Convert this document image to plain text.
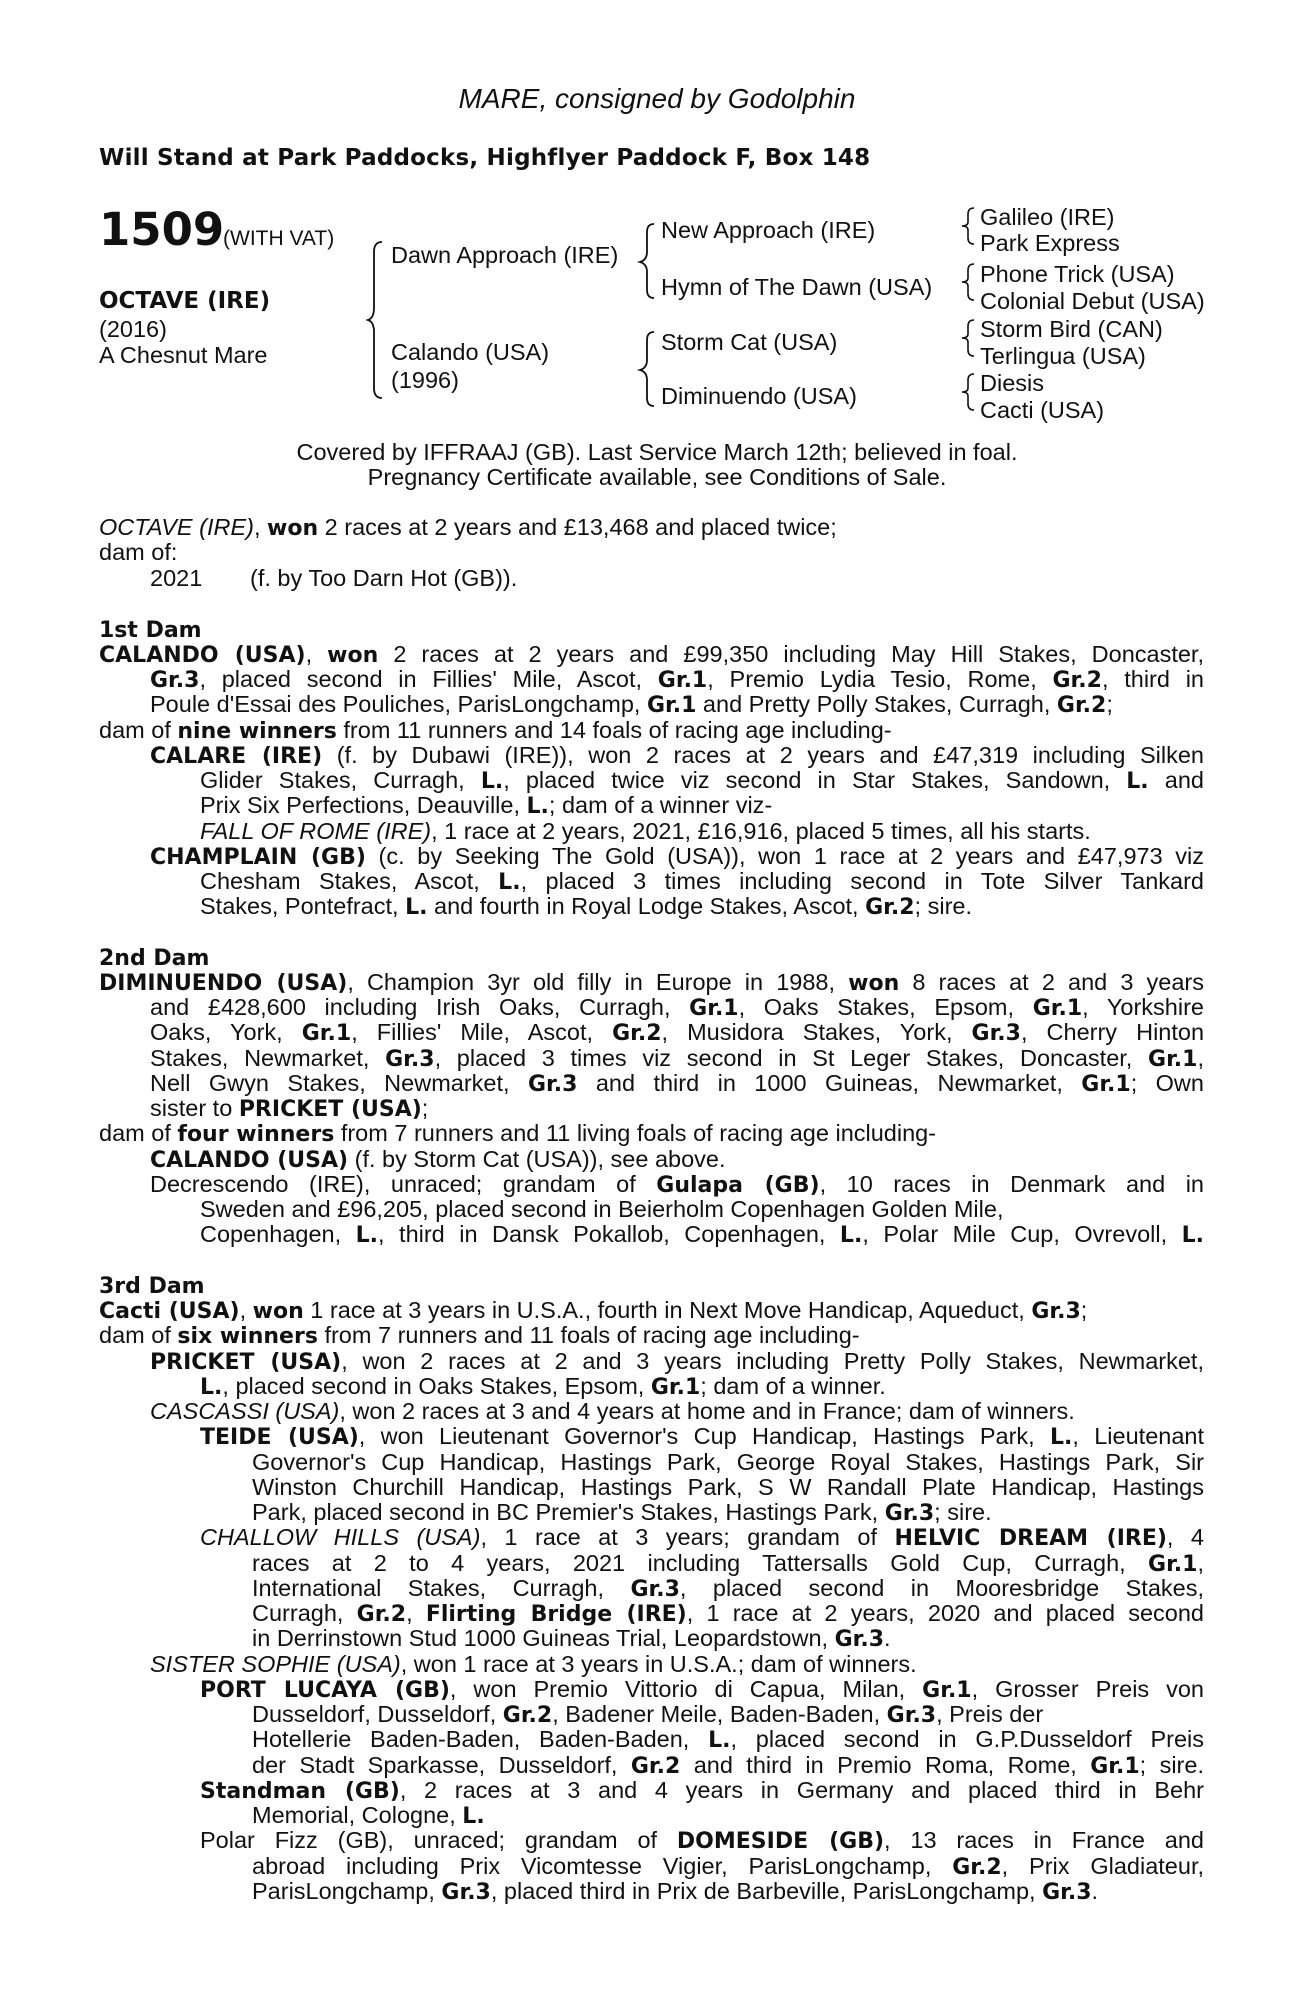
MARE, consigned by Godolphin
Will Stand at Park Paddocks, Highflyer Paddock F, Box 148
1509
(WITH VAT)
OCTAVE (IRE)
(2016)
A Chesnut Mare
Dawn Approach (IRE)
Calando (USA)
(1996)
New Approach (IRE)
Hymn of The Dawn (USA)
Storm Cat (USA)
Diminuendo (USA)
Galileo (IRE)
Park Express
Phone Trick (USA)
Colonial Debut (USA)
Storm Bird (CAN)
Terlingua (USA)
Diesis
Cacti (USA)
Covered by IFFRAAJ (GB). Last Service March 12th; believed in foal.
Pregnancy Certificate available, see Conditions of Sale.
OCTAVE (IRE), won 2 races at 2 years and £13,468 and placed twice;
dam of:
2021 (f. by Too Darn Hot (GB)).
1st Dam
CALANDO (USA), won 2 races at 2 years and £99,350 including May Hill Stakes, Doncaster,
Gr.3, placed second in Fillies' Mile, Ascot, Gr.1, Premio Lydia Tesio, Rome, Gr.2, third in
Poule d'Essai des Pouliches, ParisLongchamp, Gr.1 and Pretty Polly Stakes, Curragh, Gr.2;
dam of nine winners from 11 runners and 14 foals of racing age including-
CALARE (IRE) (f. by Dubawi (IRE)), won 2 races at 2 years and £47,319 including Silken
Glider Stakes, Curragh, L., placed twice viz second in Star Stakes, Sandown, L. and
Prix Six Perfections, Deauville, L.; dam of a winner viz-
FALL OF ROME (IRE), 1 race at 2 years, 2021, £16,916, placed 5 times, all his starts.
CHAMPLAIN (GB) (c. by Seeking The Gold (USA)), won 1 race at 2 years and £47,973 viz
Chesham Stakes, Ascot, L., placed 3 times including second in Tote Silver Tankard
Stakes, Pontefract, L. and fourth in Royal Lodge Stakes, Ascot, Gr.2; sire.
2nd Dam
DIMINUENDO (USA), Champion 3yr old filly in Europe in 1988, won 8 races at 2 and 3 years
and £428,600 including Irish Oaks, Curragh, Gr.1, Oaks Stakes, Epsom, Gr.1, Yorkshire
Oaks, York, Gr.1, Fillies' Mile, Ascot, Gr.2, Musidora Stakes, York, Gr.3, Cherry Hinton
Stakes, Newmarket, Gr.3, placed 3 times viz second in St Leger Stakes, Doncaster, Gr.1,
Nell Gwyn Stakes, Newmarket, Gr.3 and third in 1000 Guineas, Newmarket, Gr.1; Own
sister to PRICKET (USA);
dam of four winners from 7 runners and 11 living foals of racing age including-
CALANDO (USA) (f. by Storm Cat (USA)), see above.
Decrescendo (IRE), unraced; grandam of Gulapa (GB), 10 races in Denmark and in
Sweden and £96,205, placed second in Beierholm Copenhagen Golden Mile,
Copenhagen, L., third in Dansk Pokallob, Copenhagen, L., Polar Mile Cup, Ovrevoll, L.
3rd Dam
Cacti (USA), won 1 race at 3 years in U.S.A., fourth in Next Move Handicap, Aqueduct, Gr.3;
dam of six winners from 7 runners and 11 foals of racing age including-
PRICKET (USA), won 2 races at 2 and 3 years including Pretty Polly Stakes, Newmarket,
L., placed second in Oaks Stakes, Epsom, Gr.1; dam of a winner.
CASCASSI (USA), won 2 races at 3 and 4 years at home and in France; dam of winners.
TEIDE (USA), won Lieutenant Governor's Cup Handicap, Hastings Park, L., Lieutenant
Governor's Cup Handicap, Hastings Park, George Royal Stakes, Hastings Park, Sir
Winston Churchill Handicap, Hastings Park, S W Randall Plate Handicap, Hastings
Park, placed second in BC Premier's Stakes, Hastings Park, Gr.3; sire.
CHALLOW HILLS (USA), 1 race at 3 years; grandam of HELVIC DREAM (IRE), 4
races at 2 to 4 years, 2021 including Tattersalls Gold Cup, Curragh, Gr.1,
International Stakes, Curragh, Gr.3, placed second in Mooresbridge Stakes,
Curragh, Gr.2, Flirting Bridge (IRE), 1 race at 2 years, 2020 and placed second
in Derrinstown Stud 1000 Guineas Trial, Leopardstown, Gr.3.
SISTER SOPHIE (USA), won 1 race at 3 years in U.S.A.; dam of winners.
PORT LUCAYA (GB), won Premio Vittorio di Capua, Milan, Gr.1, Grosser Preis von
Dusseldorf, Dusseldorf, Gr.2, Badener Meile, Baden-Baden, Gr.3, Preis der
Hotellerie Baden-Baden, Baden-Baden, L., placed second in G.P.Dusseldorf Preis
der Stadt Sparkasse, Dusseldorf, Gr.2 and third in Premio Roma, Rome, Gr.1; sire.
Standman (GB), 2 races at 3 and 4 years in Germany and placed third in Behr
Memorial, Cologne, L.
Polar Fizz (GB), unraced; grandam of DOMESIDE (GB), 13 races in France and
abroad including Prix Vicomtesse Vigier, ParisLongchamp, Gr.2, Prix Gladiateur,
ParisLongchamp, Gr.3, placed third in Prix de Barbeville, ParisLongchamp, Gr.3.
